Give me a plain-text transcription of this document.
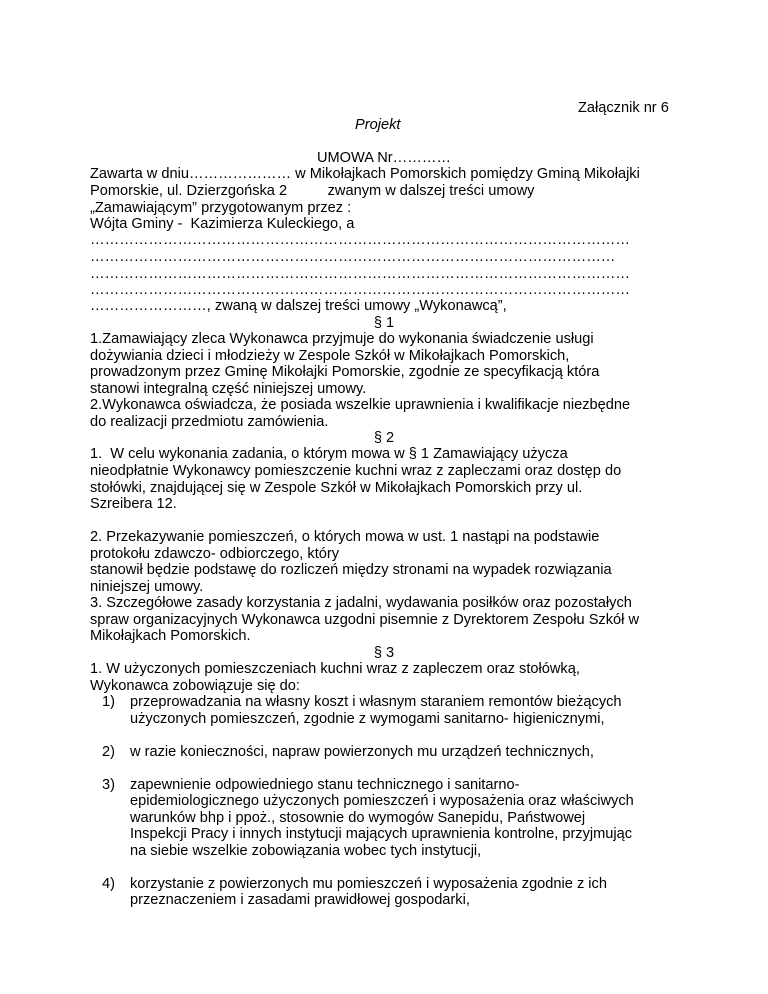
Załącznik nr 6
Projekt
UMOWA Nr…………
Zawarta w dniu………………… w Mikołajkach Pomorskich pomiędzy Gminą Mikołajki
Pomorskie, ul. Dzierzgońska 2          zwanym w dalszej treści umowy
„Zamawiającym” przygotowanym przez :
Wójta Gminy -  Kazimierza Kuleckiego, a
…………………………………………………………………………………………………
………………………………………………………………………………………………
…………………………………………………………………………………………………
…………………………………………………………………………………………………
……………………, zwaną w dalszej treści umowy „Wykonawcą”,
§ 1
1.Zamawiający zleca Wykonawca przyjmuje do wykonania świadczenie usługi
dożywiania dzieci i młodzieży w Zespole Szkół w Mikołajkach Pomorskich,
prowadzonym przez Gminę Mikołajki Pomorskie, zgodnie ze specyfikacją która
stanowi integralną część niniejszej umowy.
2.Wykonawca oświadcza, że posiada wszelkie uprawnienia i kwalifikacje niezbędne
do realizacji przedmiotu zamówienia.
§ 2
1.  W celu wykonania zadania, o którym mowa w § 1 Zamawiający użycza
nieodpłatnie Wykonawcy pomieszczenie kuchni wraz z zapleczami oraz dostęp do
stołówki, znajdującej się w Zespole Szkół w Mikołajkach Pomorskich przy ul.
Szreibera 12.
2. Przekazywanie pomieszczeń, o których mowa w ust. 1 nastąpi na podstawie
protokołu zdawczo- odbiorczego, który
stanowił będzie podstawę do rozliczeń między stronami na wypadek rozwiązania
niniejszej umowy.
3. Szczegółowe zasady korzystania z jadalni, wydawania posiłków oraz pozostałych
spraw organizacyjnych Wykonawca uzgodni pisemnie z Dyrektorem Zespołu Szkół w
Mikołajkach Pomorskich.
§ 3
1. W użyczonych pomieszczeniach kuchni wraz z zapleczem oraz stołówką,
Wykonawca zobowiązuje się do:
1) przeprowadzania na własny koszt i własnym staraniem remontów bieżących
użyczonych pomieszczeń, zgodnie z wymogami sanitarno- higienicznymi,
2) w razie konieczności, napraw powierzonych mu urządzeń technicznych,
3) zapewnienie odpowiedniego stanu technicznego i sanitarno-
epidemiologicznego użyczonych pomieszczeń i wyposażenia oraz właściwych
warunków bhp i ppoż., stosownie do wymogów Sanepidu, Państwowej
Inspekcji Pracy i innych instytucji mających uprawnienia kontrolne, przyjmując
na siebie wszelkie zobowiązania wobec tych instytucji,
4) korzystanie z powierzonych mu pomieszczeń i wyposażenia zgodnie z ich
przeznaczeniem i zasadami prawidłowej gospodarki,
